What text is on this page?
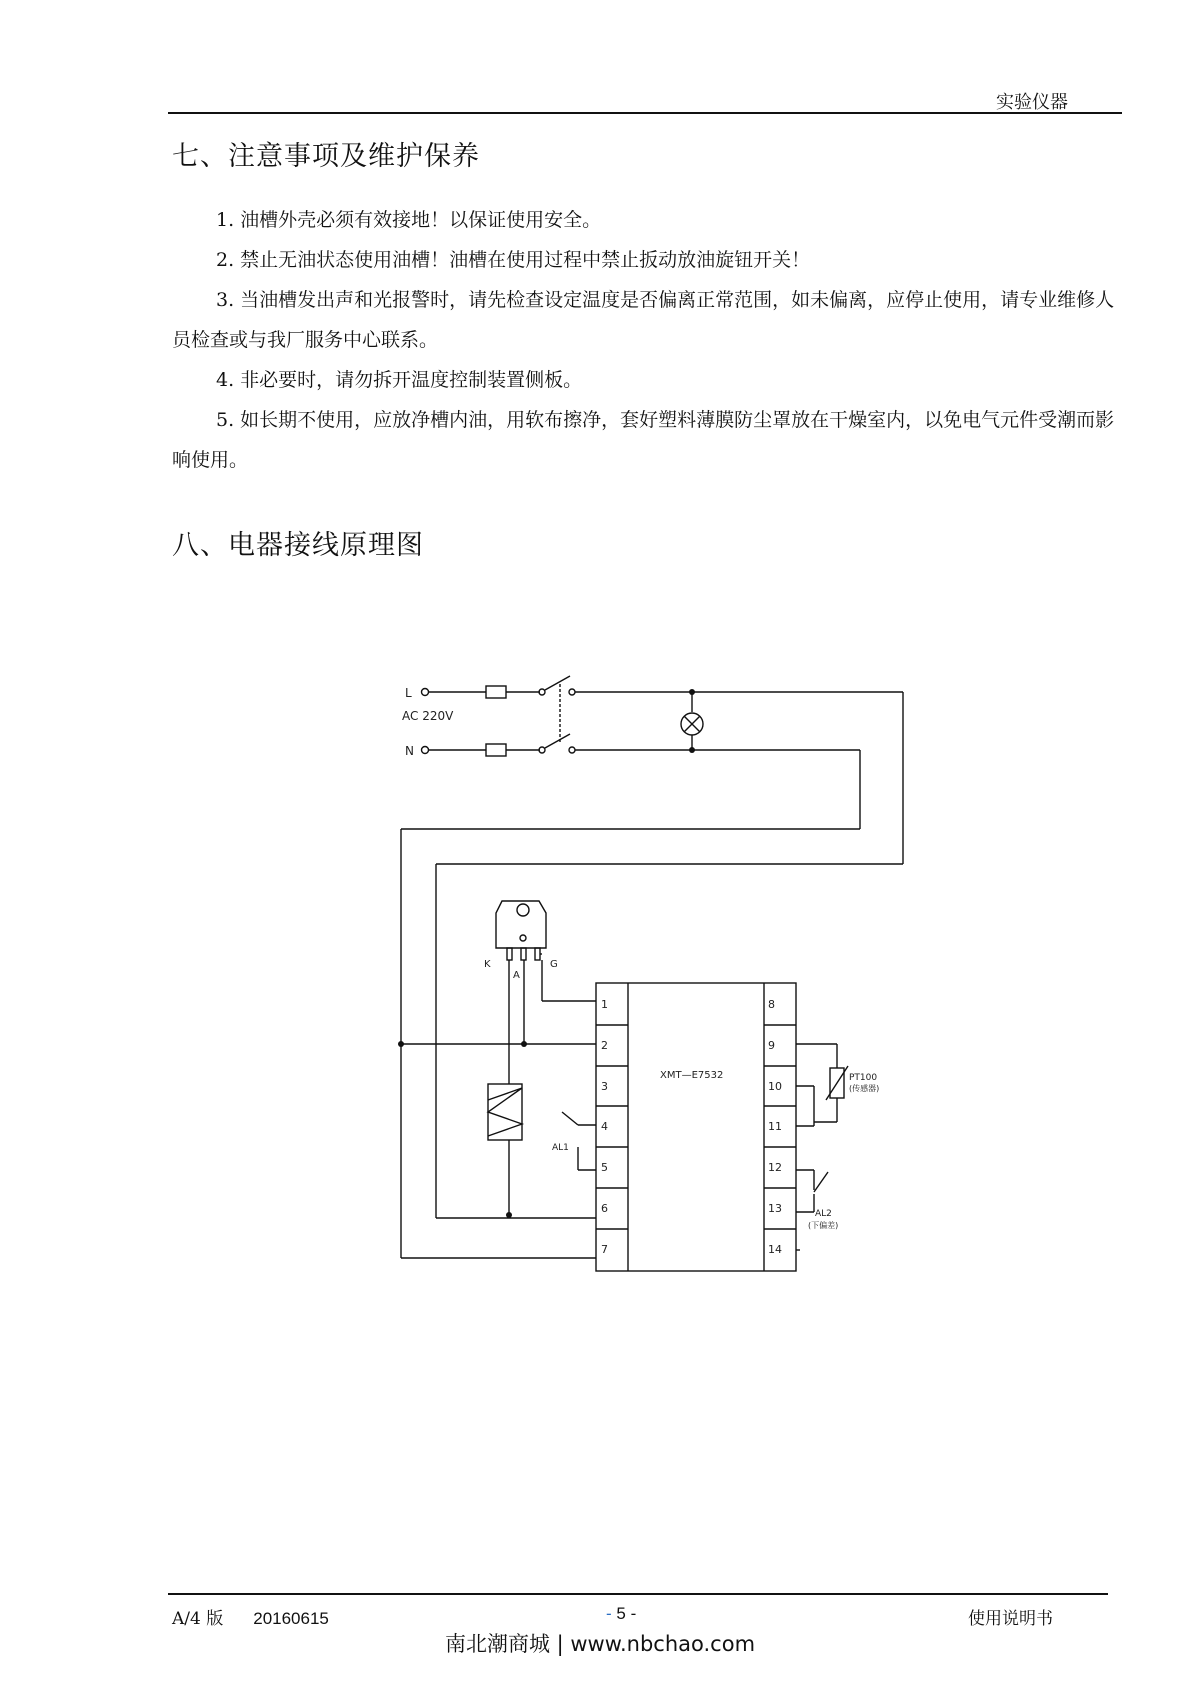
实验仪器
七、注意事项及维护保养

1. 油槽外壳必须有效接地！以保证使用安全。

2. 禁止无油状态使用油槽！油槽在使用过程中禁止扳动放油旋钮开关！

3. 当油槽发出声和光报警时，请先检查设定温度是否偏离正常范围，如未偏离，应停止使用，请专业维修人员检查或与我厂服务中心联系。

4. 非必要时，请勿拆开温度控制装置侧板。

5. 如长期不使用，应放净槽内油，用软布擦净，套好塑料薄膜防尘罩放在干燥室内，以免电气元件受潮而影响使用。

八、电器接线原理图
L
AC 220V
N
K
A
G
XMT—E7532
1
2
3
4
5
6
7
8
9
10
11
12
13
14
PT100
(传感器)
AL1
AL2
(下偏差)
A/4 版 20160615	- 5 -	使用说明书
南北潮商城 | www.nbchao.com
